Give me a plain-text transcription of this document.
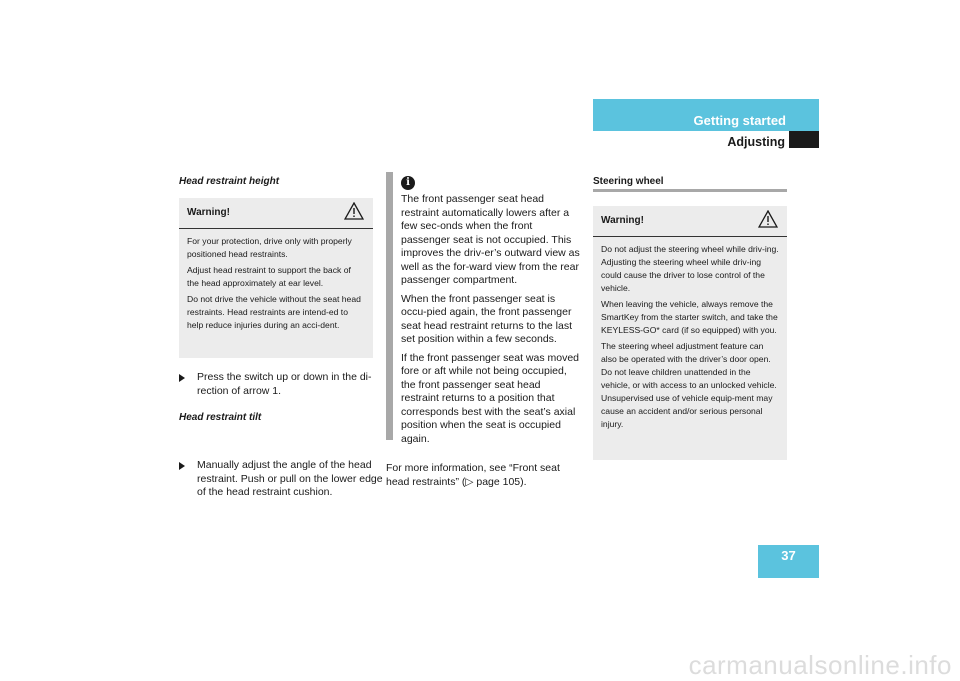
Getting started
Adjusting
Head restraint height
Warning!

For your protection, drive only with properly positioned head restraints.

Adjust head restraint to support the back of the head approximately at ear level.

Do not drive the vehicle without the seat head restraints. Head restraints are intend-ed to help reduce injuries during an acci-dent.

Press the switch up or down in the di-rection of arrow 1.
Head restraint tilt
Manually adjust the angle of the head restraint. Push or pull on the lower edge of the head restraint cushion.
i

The front passenger seat head restraint automatically lowers after a few sec-onds when the front passenger seat is not occupied. This improves the driv-er’s outward view as well as the for-ward view from the rear passenger compartment.

When the front passenger seat is occu-pied again, the front passenger seat head restraint returns to the last set position within a few seconds.

If the front passenger seat was moved fore or aft while not being occupied, the front passenger seat head restraint returns to a position that corresponds best with the seat’s axial position when the seat is occupied again.

For more information, see “Front seat head restraints” (▷ page 105).
Steering wheel
Warning!

Do not adjust the steering wheel while driv-ing. Adjusting the steering wheel while driv-ing could cause the driver to lose control of the vehicle.

When leaving the vehicle, always remove the SmartKey from the starter switch, and take the KEYLESS-GO* card (if so equipped) with you.

The steering wheel adjustment feature can also be operated with the driver’s door open. Do not leave children unattended in the vehicle, or with access to an unlocked vehicle. Unsupervised use of vehicle equip-ment may cause an accident and/or serious personal injury.

37
carmanualsonline.info
